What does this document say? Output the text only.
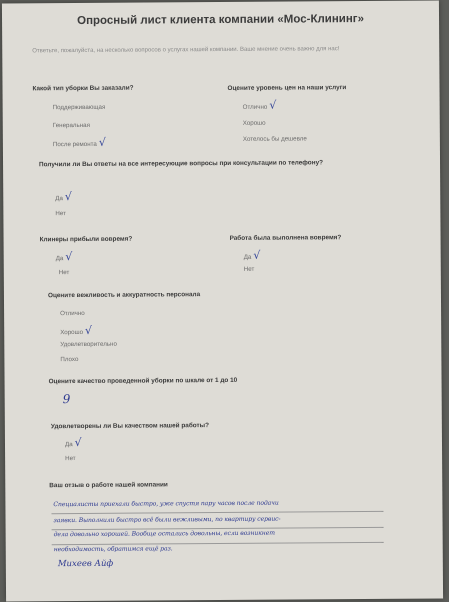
Опросный лист клиента компании «Мос-Клининг»
Ответьте, пожалуйста, на несколько вопросов о услугах нашей компании. Ваше мнение очень важно для нас!
Какой тип уборки Вы заказали?
Поддерживающая
Генеральная
После ремонта √
Оцените уровень цен на наши услуги
Отлично √
Хорошо
Хотелось бы дешевле
Получили ли Вы ответы на все интересующие вопросы при консультации по телефону?
Да √
Нет
Клинеры прибыли вовремя?
Да √
Нет
Работа была выполнена вовремя?
Да √
Нет
Оцените вежливость и аккуратность персонала
Отлично
Хорошо √
Удовлетворительно
Плохо
Оцените качество проведенной уборки по шкале от 1 до 10
9
Удовлетворены ли Вы качеством нашей работы?
Да √
Нет
Ваш отзыв о работе нашей компании
Специалисты приехали быстро, уже спустя пару часов после подачи
заявки. Выполнили быстро всё были вежливыми, по квартиру сервис-
дела довольно хорошей. Вообще остались довольны, если возникнет
необходимость, обратимся ещё раз.
Михеев Айф
